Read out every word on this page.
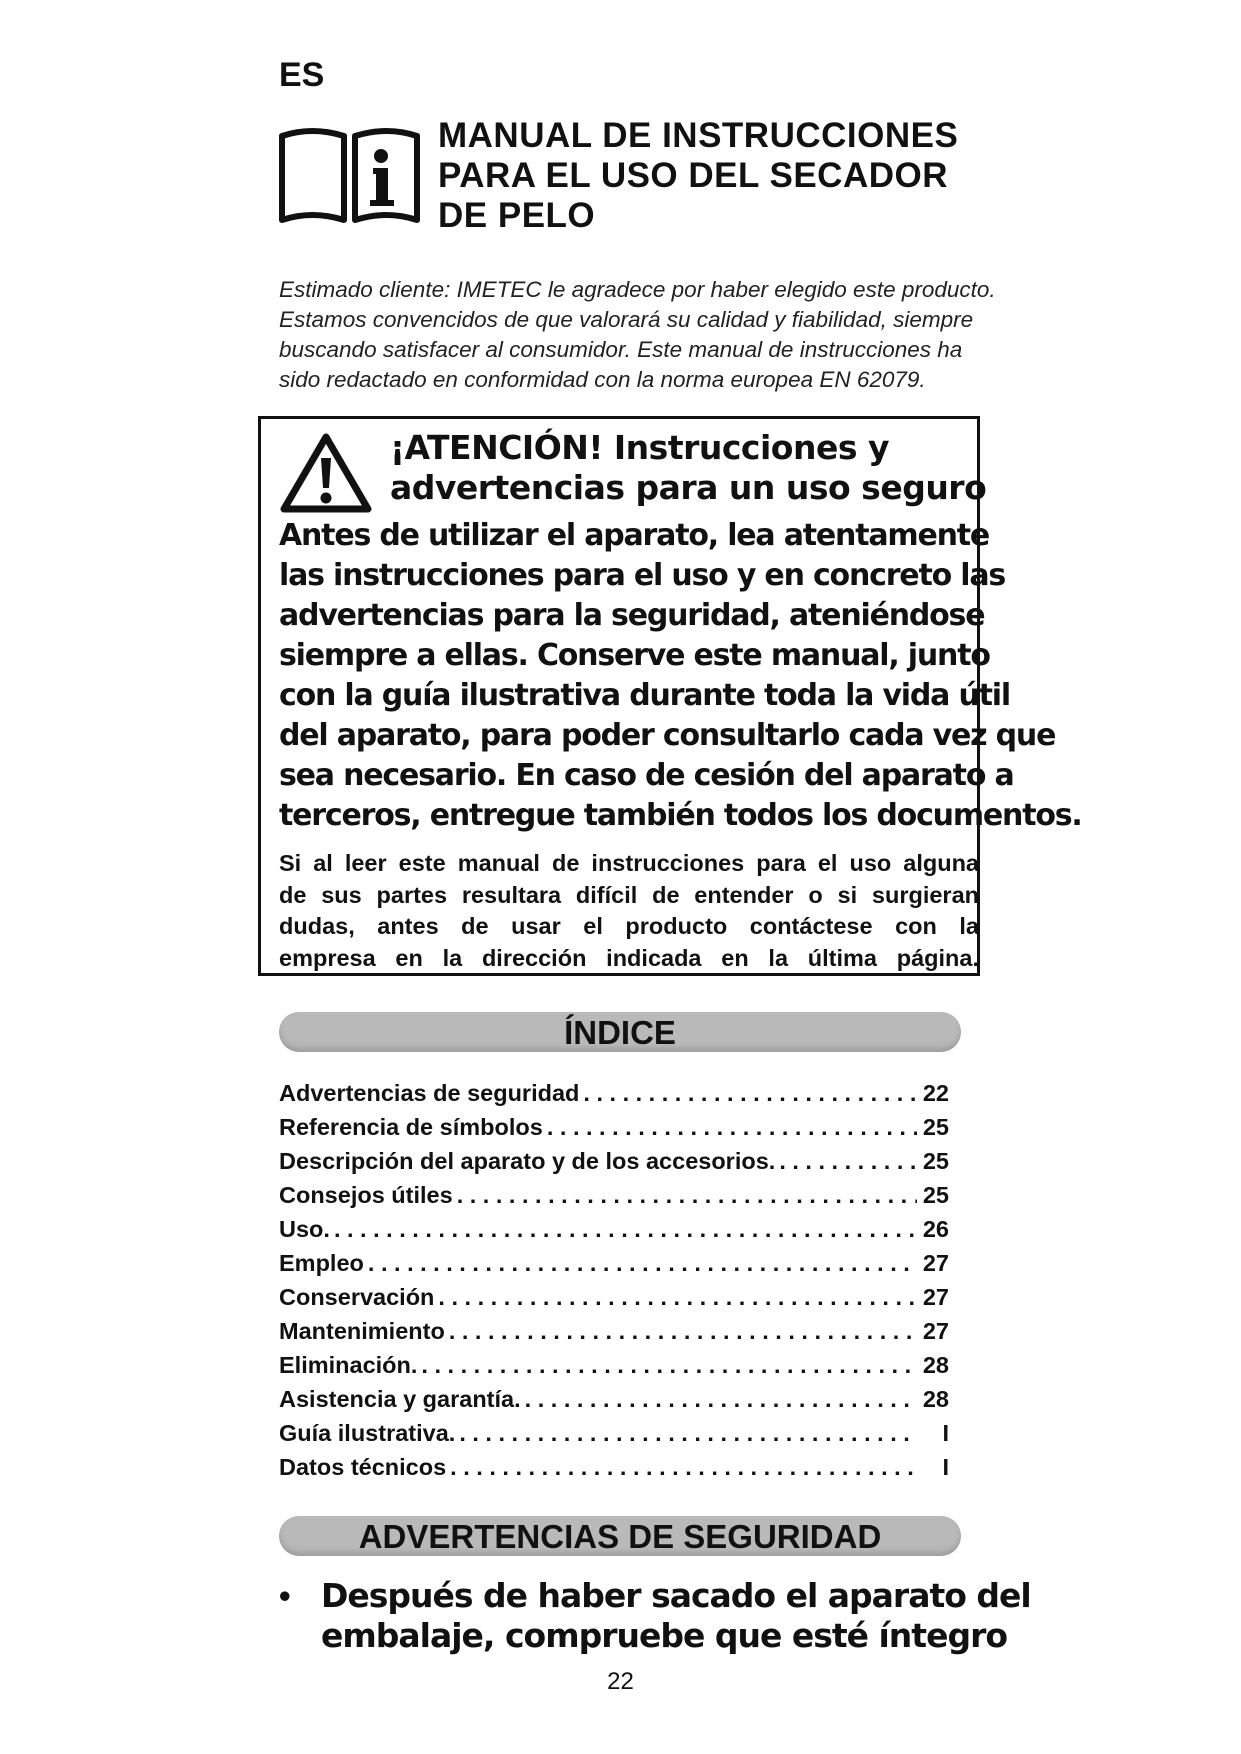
ES
MANUAL DE INSTRUCCIONES
PARA EL USO DEL SECADOR
DE PELO
Estimado cliente: IMETEC le agradece por haber elegido este producto.
Estamos convencidos de que valorará su calidad y fiabilidad, siempre
buscando satisfacer al consumidor. Este manual de instrucciones ha
sido redactado en conformidad con la norma europea EN 62079.
¡ATENCIÓN! Instrucciones y
advertencias para un uso seguro
Antes de utilizar el aparato, lea atentamente
las instrucciones para el uso y en concreto las
advertencias para la seguridad, ateniéndose
siempre a ellas. Conserve este manual, junto
con la guía ilustrativa durante toda la vida útil
del aparato, para poder consultarlo cada vez que
sea necesario. En caso de cesión del aparato a
terceros, entregue también todos los documentos.
Si al leer este manual de instrucciones para el uso alguna
de sus partes resultara difícil de entender o si surgieran
dudas, antes de usar el producto contáctese con la
empresa en la dirección indicada en la última página.
ÍNDICE
Advertencias de seguridad . . .	22
Referencia de símbolos . . .	25
Descripción del aparato y de los accesorios. . . .	25
Consejos útiles . . .	25
Uso. . . .	26
Empleo . . .	27
Conservación . . .	27
Mantenimiento . . .	27
Eliminación. . . .	28
Asistencia y garantía. . . .	28
Guía ilustrativa. . . .	I
Datos técnicos . . .	I
ADVERTENCIAS DE SEGURIDAD
• Después de haber sacado el aparato del
embalaje, compruebe que esté íntegro
22
